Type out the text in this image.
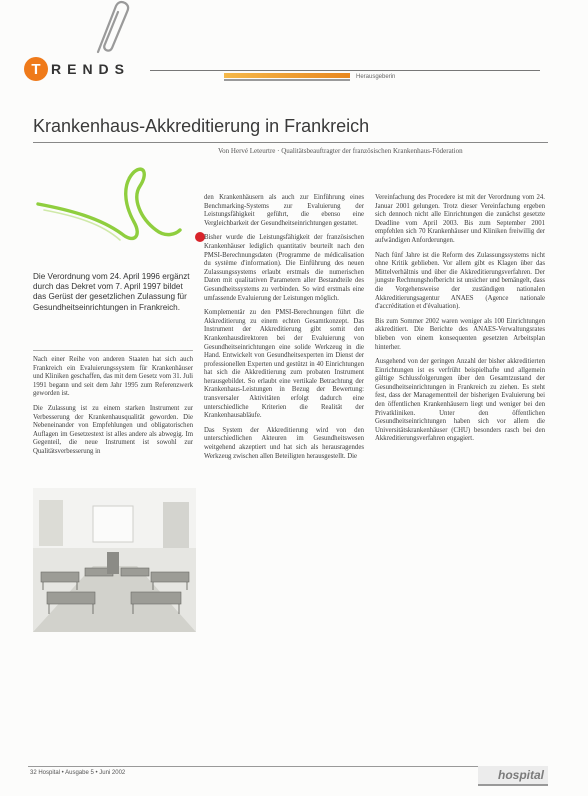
T RENDS	Herausgeberin
Krankenhaus-Akkreditierung in Frankreich
Von Hervé Leteurtre · Qualitätsbeauftragter der französischen Krankenhaus-Föderation
Die Verordnung vom 24. April 1996 ergänzt durch das Dekret vom 7. April 1997 bildet das Gerüst der gesetzlichen Zulassung für Gesundheitseinrichtungen in Frankreich.

Nach einer Reihe von anderen Staaten hat sich auch Frankreich ein Evaluierungssystem für Krankenhäuser und Kliniken geschaffen, das mit dem Gesetz vom 31. Juli 1991 begann und seit dem Jahr 1995 zum Referenzwerk geworden ist.

Die Zulassung ist zu einem starken Instrument zur Verbesserung der Krankenhausqualität geworden. Die Nebeneinander von Empfehlungen und obligatorischen Auflagen im Gesetzestext ist alles andere als abwegig. Im Gegenteil, die neue Instrument ist sowohl zur Qualitätsverbesserung in

den Krankenhäusern als auch zur Einführung eines Benchmarking-Systems zur Evaluierung der Leistungsfähigkeit geführt, die ebenso eine Vergleichbarkeit der Gesundheitseinrichtungen gestattet.

Bisher wurde die Leistungsfähigkeit der französischen Krankenhäuser lediglich quantitativ beurteilt nach den PMSI-Berechnungsdaten (Programme de médicalisation du système d'information). Die Einführung des neuen Zulassungssystems erlaubt erstmals die numerischen Daten mit qualitativen Parametern aller Bestandteile des Gesundheitssystems zu verbinden. So wird erstmals eine umfassende Evaluierung der Leistungen möglich.

Komplementär zu den PMSI-Berechnungen führt die Akkreditierung zu einem echten Gesamtkonzept. Das Instrument der Akkreditierung gibt somit den Krankenhausdirektoren bei der Evaluierung von Gesundheitseinrichtungen eine solide Werkzeug in die Hand. Entwickelt von Gesundheitsexperten im Dienst der professionellen Experten und gestützt in 40 Einrichtungen hat sich die Akkreditierung zum probaten Instrument herausgebildet. So erlaubt eine vertikale Betrachtung der Krankenhaus-Leistungen in Bezug der Bewertung: transversaler Aktivitäten erfolgt dadurch eine unterschiedliche Kriterien die Realität der Krankenhausabläufe.

Das System der Akkreditierung wird von den unterschiedlichen Akteuren im Gesundheitswesen weitgehend akzeptiert und hat sich als herausragendes Werkzeug zwischen allen Beteiligten herausgestellt. Die

Vereinfachung des Procedere ist mit der Verordnung vom 24. Januar 2001 gelungen. Trotz dieser Vereinfachung ergeben sich dennoch nicht alle Einrichtungen die zunächst gesetzte Deadline vom April 2003. Bis zum September 2001 empfehlen sich 70 Krankenhäuser und Kliniken freiwillig der aufwändigen Anforderungen.

Nach fünf Jahre ist die Reform des Zulassungssystems nicht ohne Kritik geblieben. Vor allem gibt es Klagen über das Mittelverhältnis und über die Akkreditierungsverfahren. Der jungste Rechnungshofbericht ist unsicher und bemängelt, dass die Vorgehensweise der zuständigen nationalen Akkreditierungsagentur ANAES (Agence nationale d'accréditation et d'évaluation).

Bis zum Sommer 2002 waren weniger als 100 Einrichtungen akkreditiert. Die Berichte des ANAES-Verwaltungsrates blieben von einem konsequenten gesetzten Arbeitsplan hinterher.

Ausgehend von der geringen Anzahl der bisher akkreditierten Einrichtungen ist es verfrüht beispielhafte und allgemein gültige Schlussfolgerungen über den Gesamtzustand der Gesundheitseinrichtungen in Frankreich zu ziehen. Es steht fest, dass der Managementteil der bisherigen Evaluierung bei den öffentlichen Krankenhäusern liegt und weniger bei den Privatkliniken. Unter den öffentlichen Gesundheitseinrichtungen haben sich vor allem die Universitätskrankenhäuser (CHU) besonders rasch bei den Akkreditierungsverfahren engagiert.

32 Hospital • Ausgabe 5 • Juni 2002	hospital
